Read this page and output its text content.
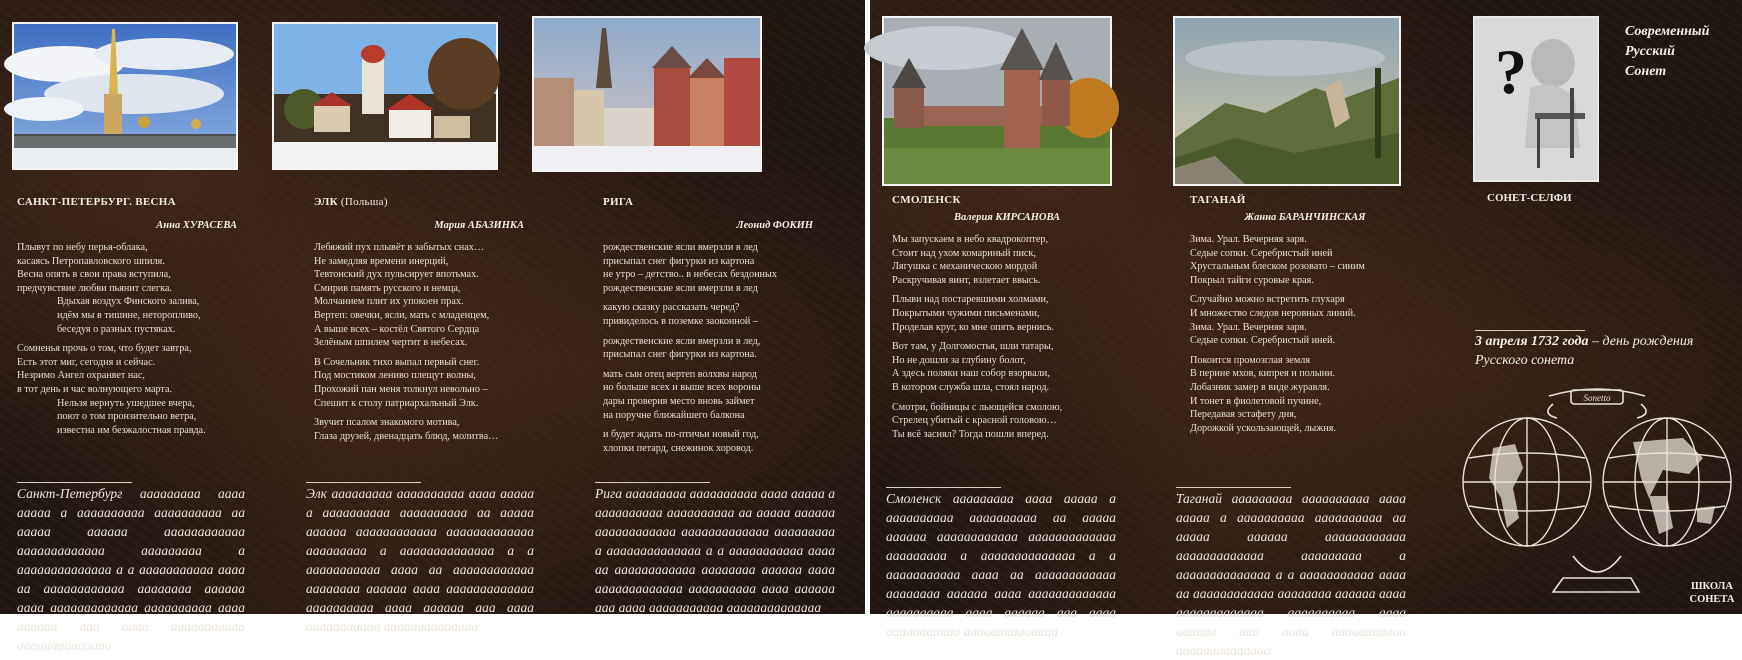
САНКТ-ПЕТЕРБУРГ. ВЕСНА
Анна ХУРАСЕВА

Плывут по небу перья-облака,
касаясь Петропавловского шпиля.
Весна опять в свои права вступила,
предчувствие любви пьянит слегка.

Вдыхая воздух Финского залива,
идём мы в тишине, неторопливо,
беседуя о разных пустяках.

Сомненья прочь о том, что будет завтра,
Есть этот миг, сегодня и сейчас.
Незримо Ангел охраняет нас,
в тот день и час волнующего марта.

Нельзя вернуть ушедшее вчера,
поют о том пронзительно ветра,
известна им безжалостная правда.

Санкт-Петербург ааааааааа аааа ааааа а аааааааааа аааааааааа аа ааааа аааааа аааааааааааа ааааааааааааа ааааааааа а аааааааааааааа а а ааааааааааа аааа аа аааааааааааа аааааааа аааааа аааа ааааааааааааа аааааааааа аааа аааааа ааа аааа ааааааааааа аааааааааааааа
ЭЛК (Польша)
Мария АБАЗИНКА

Лебяжий пух плывёт в забытых снах…
Не замедляя времени инерций,
Тевтонский дух пульсирует впотьмах.
Смирив память русского и немца,
Молчанием плит их упокоен прах.
Вертеп: овечки, ясли, мать с младенцем,
А выше всех – костёл Святого Сердца
Зелёным шпилем чертит в небесах.

В Сочельник тихо выпал первый снег.
Под мостиком лениво плещут волны,
Прохожий пан меня толкнул невольно –
Спешит к столу патриархальный Элк.

Звучит псалом знакомого мотива,
Глаза друзей, двенадцать блюд, молитва…

Элк ааааааааа аааааааааа аааа ааааа а аааааааааа аааааааааа аа ааааа аааааа аааааааааааа ааааааааааааа ааааааааа а аааааааааааааа а а ааааааааааа аааа аа аааааааааааа аааааааа аааааа аааа ааааааааааааа аааааааааа аааа аааааа ааа аааа ааааааааааа аааааааааааааа
РИГА
Леонид ФОКИН

рождественские ясли вмерзли в лед
присыпал снег фигурки из картона
не утро – детство.. в небесах бездонных
рождественские ясли вмерзли в лед

какую сказку рассказать черед?
привиделось в поземке заоконной –

рождественские ясли вмерзли в лед,
присыпал снег фигурки из картона.

мать сын отец вертеп волхвы народ
но больше всех и выше всех вороны
дары проверив место вновь займет
на поручне ближайшего балкона

и будет ждать по-птичьи новый год,
хлопки петард, снежинок хоровод.

Рига ааааааааа аааааааааа аааа ааааа а аааааааааа аааааааааа аа ааааа аааааа аааааааааааа ааааааааааааа ааааааааа а аааааааааааааа а а ааааааааааа аааа аа аааааааааааа аааааааа аааааа аааа ааааааааааааа аааааааааа аааа аааааа ааа аааа ааааааааааа аааааааааааааа
?
СМОЛЕНСК
Валерия КИРСАНОВА

Мы запускаем в небо квадрокоптер,
Стоит над ухом комариный писк,
Лягушка с механическою мордой
Раскручивая винт, взлетает ввысь.

Плыви над постаревшими холмами,
Покрытыми чужими письменами,
Проделав круг, ко мне опять вернись.

Вот там, у Долгомостья, шли татары,
Но не дошли за глубину болот,
А здесь поляки наш собор взорвали,
В котором служба шла, стоял народ.

Смотри, бойницы с льющейся смолою,
Стрелец убитый с красной головою…
Ты всё заснял? Тогда пошли вперед.

Смоленск ааааааааа аааа ааааа а аааааааааа аааааааааа аа ааааа аааааа аааааааааааа ааааааааааааа ааааааааа а аааааааааааааа а а ааааааааааа аааа аа аааааааааааа аааааааа аааааа аааа ааааааааааааа аааааааааа аааа аааааа ааа аааа ааааааааааа аааааааааааааа
ТАГАНАЙ
Жанна БАРАНЧИНСКАЯ

Зима. Урал. Вечерняя заря.
Седые сопки. Серебристый иней
Хрустальным блеском розовато – синим
Покрыл тайги суровые края.

Случайно можно встретить глухаря
И множество следов неровных линий.
Зима. Урал. Вечерняя заря.
Седые сопки. Серебристый иней.

Покоится промозглая земля
В перине мхов, кипрея и полыни.
Лобазник замер в виде журавля.
И тонет в фиолетовой пучине,
Передавая эстафету дня,
Дорожкой ускользающей, лыжня.

Таганай ааааааааа аааааааааа аааа ааааа а аааааааааа аааааааааа аа ааааа аааааа аааааааааааа ааааааааааааа ааааааааа а аааааааааааааа а а ааааааааааа аааа аа аааааааааааа аааааааа аааааа аааа ааааааааааааа аааааааааа аааа аааааа ааа аааа ааааааааааа аааааааааааааа
Современный
Русский
Сонет
СОНЕТ-СЕЛФИ
3 апреля 1732 года – день рождения Русского сонета
Sonetto
ШКОЛА
СОНЕТА
